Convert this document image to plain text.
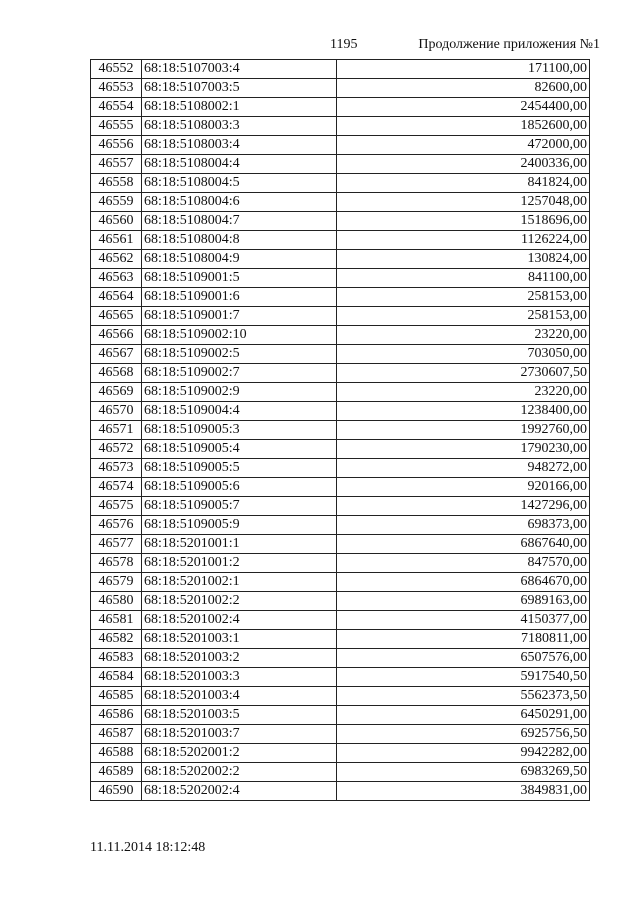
1195	Продолжение приложения №1
46552	68:18:5107003:4	171100,00
46553	68:18:5107003:5	82600,00
46554	68:18:5108002:1	2454400,00
46555	68:18:5108003:3	1852600,00
46556	68:18:5108003:4	472000,00
46557	68:18:5108004:4	2400336,00
46558	68:18:5108004:5	841824,00
46559	68:18:5108004:6	1257048,00
46560	68:18:5108004:7	1518696,00
46561	68:18:5108004:8	1126224,00
46562	68:18:5108004:9	130824,00
46563	68:18:5109001:5	841100,00
46564	68:18:5109001:6	258153,00
46565	68:18:5109001:7	258153,00
46566	68:18:5109002:10	23220,00
46567	68:18:5109002:5	703050,00
46568	68:18:5109002:7	2730607,50
46569	68:18:5109002:9	23220,00
46570	68:18:5109004:4	1238400,00
46571	68:18:5109005:3	1992760,00
46572	68:18:5109005:4	1790230,00
46573	68:18:5109005:5	948272,00
46574	68:18:5109005:6	920166,00
46575	68:18:5109005:7	1427296,00
46576	68:18:5109005:9	698373,00
46577	68:18:5201001:1	6867640,00
46578	68:18:5201001:2	847570,00
46579	68:18:5201002:1	6864670,00
46580	68:18:5201002:2	6989163,00
46581	68:18:5201002:4	4150377,00
46582	68:18:5201003:1	7180811,00
46583	68:18:5201003:2	6507576,00
46584	68:18:5201003:3	5917540,50
46585	68:18:5201003:4	5562373,50
46586	68:18:5201003:5	6450291,00
46587	68:18:5201003:7	6925756,50
46588	68:18:5202001:2	9942282,00
46589	68:18:5202002:2	6983269,50
46590	68:18:5202002:4	3849831,00
11.11.2014 18:12:48
